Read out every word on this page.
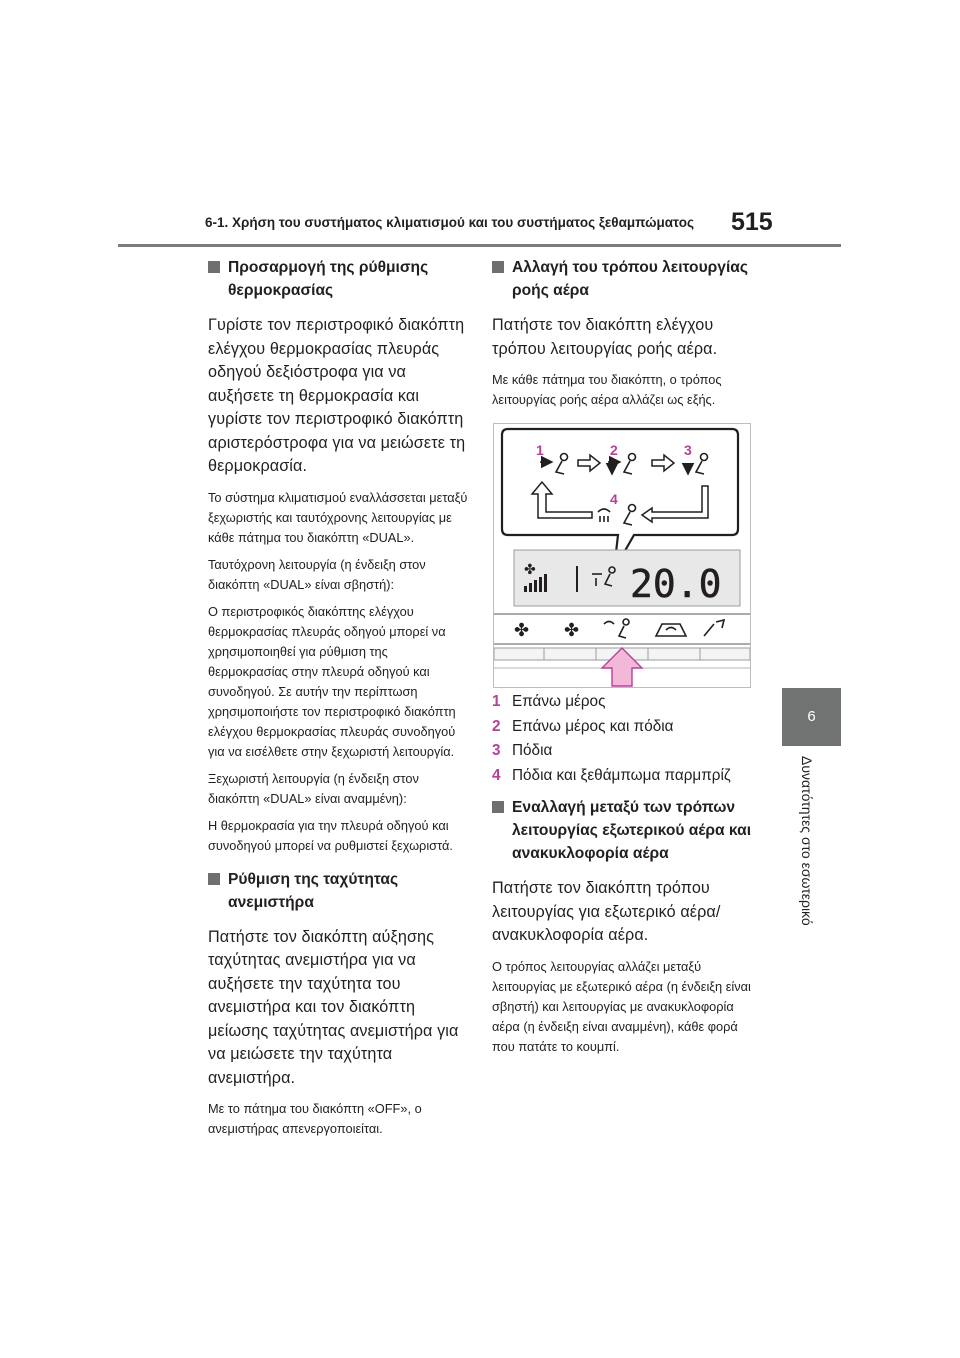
6-1. Χρήση του συστήματος κλιματισμού και του συστήματος ξεθαμπώματος 515
6
Δυνατότητες στο εσωτερικό
Προσαρμογή της ρύθμισης θερμοκρασίας

Γυρίστε τον περιστροφικό διακόπτη ελέγχου θερμοκρασίας πλευράς οδηγού δεξιόστροφα για να αυξήσετε τη θερμοκρασία και γυρίστε τον περιστροφικό διακόπτη αριστερόστροφα για να μειώσετε τη θερμοκρασία.

Το σύστημα κλιματισμού εναλλάσσεται μεταξύ ξεχωριστής και ταυτόχρονης λειτουργίας με κάθε πάτημα του διακόπτη «DUAL».

Ταυτόχρονη λειτουργία (η ένδειξη στον διακόπτη «DUAL» είναι σβηστή):

Ο περιστροφικός διακόπτης ελέγχου θερμοκρασίας πλευράς οδηγού μπορεί να χρησιμοποιηθεί για ρύθμιση της θερμοκρασίας στην πλευρά οδηγού και συνοδηγού. Σε αυτήν την περίπτωση χρησιμοποιήστε τον περιστροφικό διακόπτη ελέγχου θερμοκρασίας πλευράς συνοδηγού για να εισέλθετε στην ξεχωριστή λειτουργία.

Ξεχωριστή λειτουργία (η ένδειξη στον διακόπτη «DUAL» είναι αναμμένη):

Η θερμοκρασία για την πλευρά οδηγού και συνοδηγού μπορεί να ρυθμιστεί ξεχωριστά.

Ρύθμιση της ταχύτητας ανεμιστήρα

Πατήστε τον διακόπτη αύξησης ταχύτητας ανεμιστήρα για να αυξήσετε την ταχύτητα του ανεμιστήρα και τον διακόπτη μείωσης ταχύτητας ανεμιστήρα για να μειώσετε την ταχύτητα ανεμιστήρα.

Με το πάτημα του διακόπτη «OFF», ο ανεμιστήρας απενεργοποιείται.

Αλλαγή του τρόπου λειτουργίας ροής αέρα

Πατήστε τον διακόπτη ελέγχου τρόπου λειτουργίας ροής αέρα.

Με κάθε πάτημα του διακόπτη, ο τρόπος λειτουργίας ροής αέρα αλλάζει ως εξής.

1	2	3
4
✤ 20.0
✤ ✤
1 Επάνω μέρος
2 Επάνω μέρος και πόδια
3 Πόδια
4 Πόδια και ξεθάμπωμα παρμπρίζ
Εναλλαγή μεταξύ των τρόπων λειτουργίας εξωτερικού αέρα και ανακυκλοφορία αέρα

Πατήστε τον διακόπτη τρόπου λειτουργίας για εξωτερικό αέρα/ανακυκλοφορία αέρα.

Ο τρόπος λειτουργίας αλλάζει μεταξύ λειτουργίας με εξωτερικό αέρα (η ένδειξη είναι σβηστή) και λειτουργίας με ανακυκλοφορία αέρα (η ένδειξη είναι αναμμένη), κάθε φορά που πατάτε το κουμπί.
